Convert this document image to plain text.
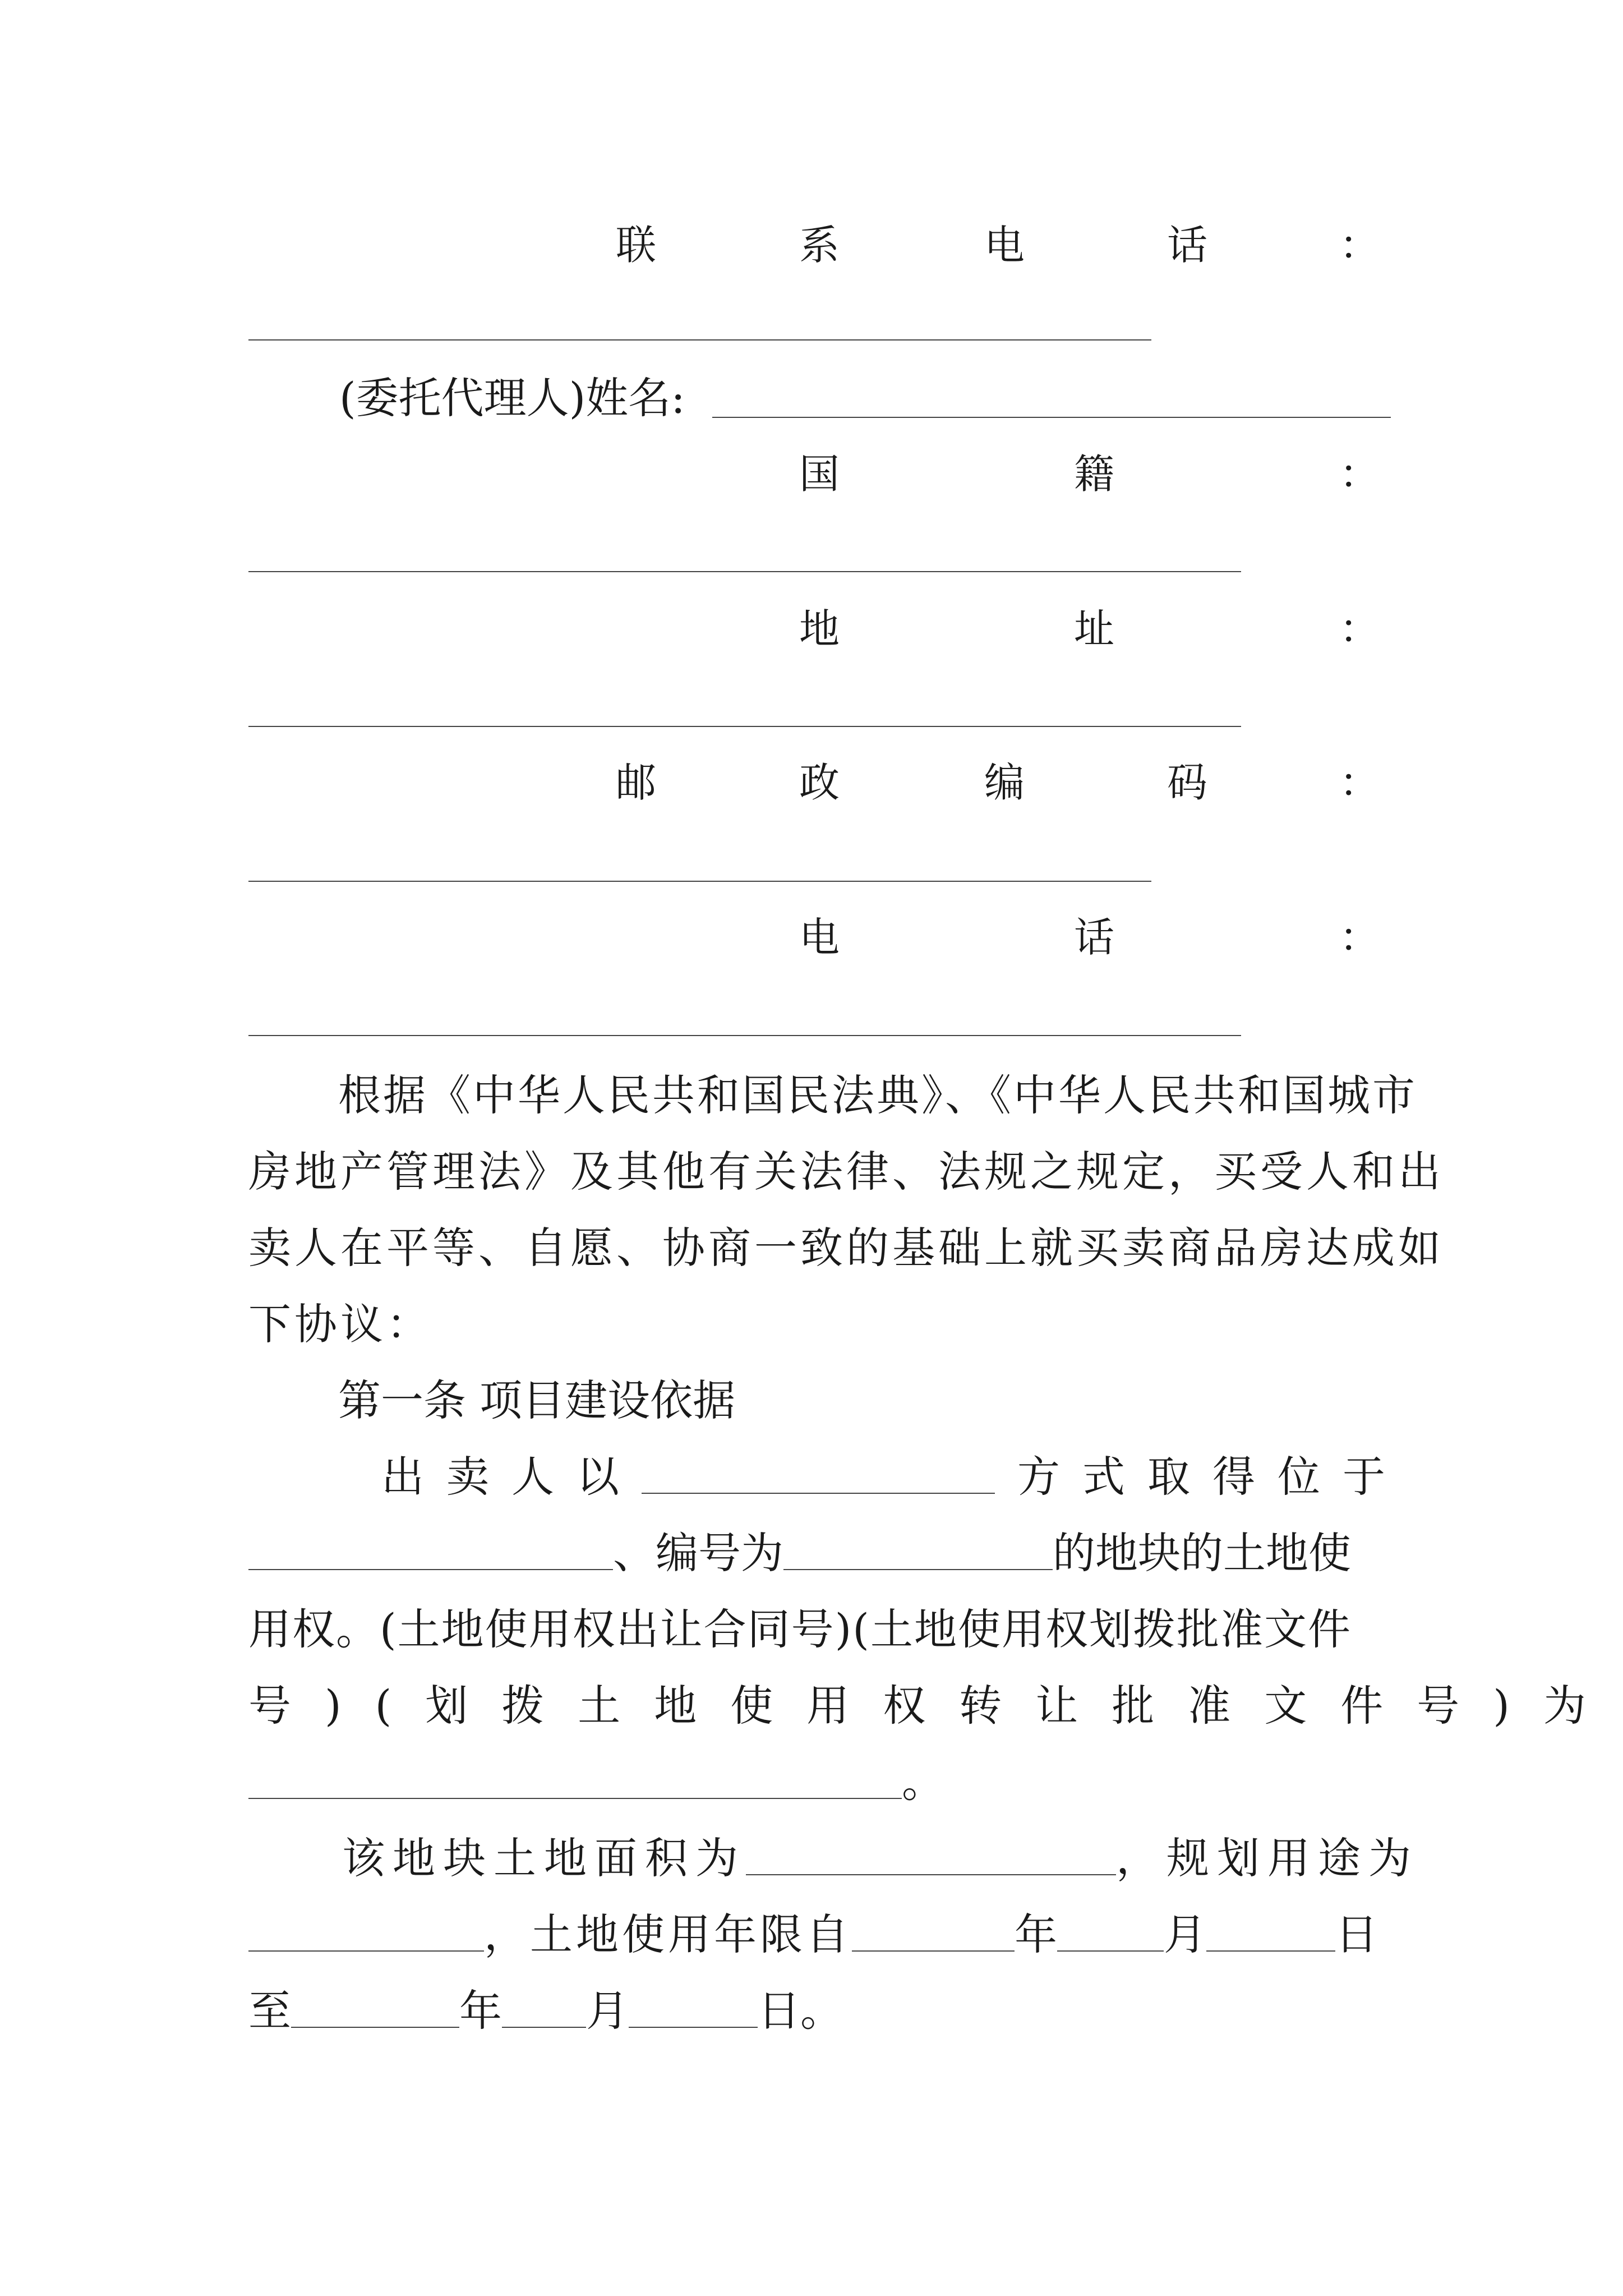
联	系	电	话	：
(委托代理人)姓名:
国	籍	：
地	址	：
邮	政	编	码	：
电	话	：
根据《中华人民共和国民法典》、《中华人民共和国城市
房地产管理法》及其他有关法律、法规之规定，买受人和出
卖人在平等、自愿、协商一致的基础上就买卖商品房达成如
下协议：
第一条 项目建设依据
出卖人以	方式取得位于
、编号为	的地块的土地使
用权。(土地使用权出让合同号)(土地使用权划拨批准文件
号)(划拨土地使用权转让批准文件号)为
。
该地块土地面积为	，规划用途为
，土地使用年限自	年	月	日
至	年 月	日。
